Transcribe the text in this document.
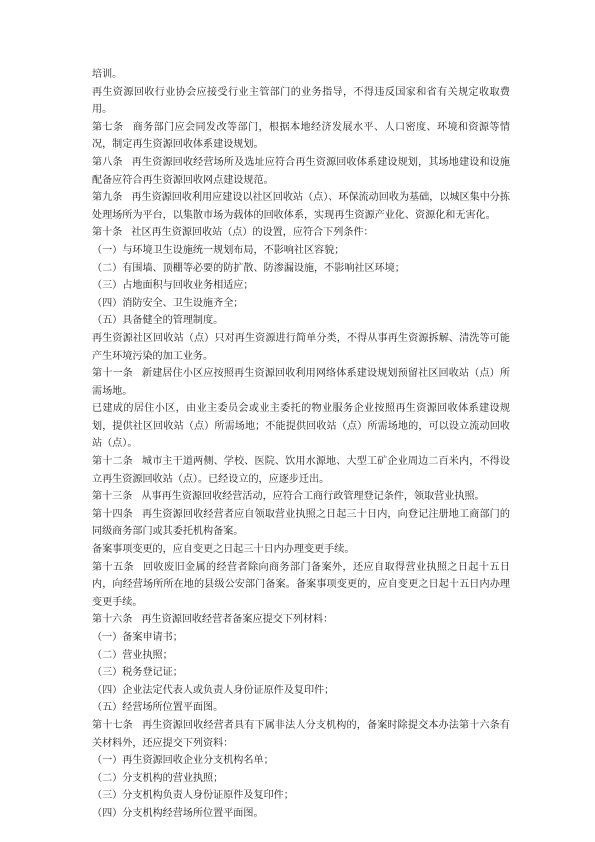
培训。

再生资源回收行业协会应接受行业主管部门的业务指导，不得违反国家和省有关规定收取费用。

第七条 商务部门应会同发改等部门，根据本地经济发展水平、人口密度、环境和资源等情况，制定再生资源回收体系建设规划。

第八条 再生资源回收经营场所及选址应符合再生资源回收体系建设规划，其场地建设和设施配备应符合再生资源回收网点建设规范。

第九条 再生资源回收利用应建设以社区回收站（点）、环保流动回收为基础，以城区集中分拣处理场所为平台，以集散市场为载体的回收体系，实现再生资源产业化、资源化和无害化。

第十条 社区再生资源回收站（点）的设置，应符合下列条件：

（一）与环境卫生设施统一规划布局，不影响社区容貌；

（二）有围墙、顶棚等必要的防扩散、防渗漏设施，不影响社区环境；

（三）占地面积与回收业务相适应；

（四）消防安全、卫生设施齐全；

（五）具备健全的管理制度。

再生资源社区回收站（点）只对再生资源进行简单分类，不得从事再生资源拆解、清洗等可能产生环境污染的加工业务。

第十一条 新建居住小区应按照再生资源回收利用网络体系建设规划预留社区回收站（点）所需场地。

已建成的居住小区，由业主委员会或业主委托的物业服务企业按照再生资源回收体系建设规划，提供社区回收站（点）所需场地；不能提供回收站（点）所需场地的，可以设立流动回收站（点）。

第十二条 城市主干道两侧、学校、医院、饮用水源地、大型工矿企业周边二百米内，不得设立再生资源回收站（点）。已经设立的，应逐步迁出。

第十三条 从事再生资源回收经营活动，应符合工商行政管理登记条件，领取营业执照。

第十四条 再生资源回收经营者应自领取营业执照之日起三十日内，向登记注册地工商部门的同级商务部门或其委托机构备案。

备案事项变更的，应自变更之日起三十日内办理变更手续。

第十五条 回收废旧金属的经营者除向商务部门备案外，还应自取得营业执照之日起十五日内，向经营场所所在地的县级公安部门备案。备案事项变更的，应自变更之日起十五日内办理变更手续。

第十六条 再生资源回收经营者备案应提交下列材料：

（一）备案申请书；

（二）营业执照；

（三）税务登记证；

（四）企业法定代表人或负责人身份证原件及复印件；

（五）经营场所位置平面图。

第十七条 再生资源回收经营者具有下属非法人分支机构的，备案时除提交本办法第十六条有关材料外，还应提交下列资料：

（一）再生资源回收企业分支机构名单；

（二）分支机构的营业执照；

（三）分支机构负责人身份证原件及复印件；

（四）分支机构经营场所位置平面图。
